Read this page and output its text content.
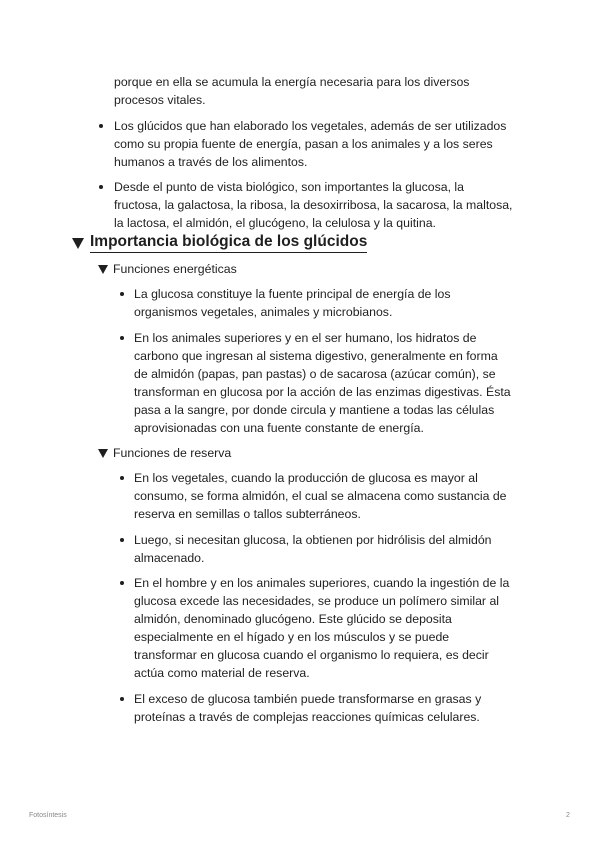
porque en ella se acumula la energía necesaria para los diversos
procesos vitales.
Los glúcidos que han elaborado los vegetales, además de ser utilizados
como su propia fuente de energía, pasan a los animales y a los seres
humanos a través de los alimentos.
Desde el punto de vista biológico, son importantes la glucosa, la
fructosa, la galactosa, la ribosa, la desoxirribosa, la sacarosa, la maltosa,
la lactosa, el almidón, el glucógeno, la celulosa y la quitina.
Importancia biológica de los glúcidos
Funciones energéticas
La glucosa constituye la fuente principal de energía de los
organismos vegetales, animales y microbianos.
En los animales superiores y en el ser humano, los hidratos de
carbono que ingresan al sistema digestivo, generalmente en forma
de almidón (papas, pan pastas) o de sacarosa (azúcar común), se
transforman en glucosa por la acción de las enzimas digestivas. Ésta
pasa a la sangre, por donde circula y mantiene a todas las células
aprovisionadas con una fuente constante de energía.
Funciones de reserva
En los vegetales, cuando la producción de glucosa es mayor al
consumo, se forma almidón, el cual se almacena como sustancia de
reserva en semillas o tallos subterráneos.
Luego, si necesitan glucosa, la obtienen por hidrólisis del almidón
almacenado.
En el hombre y en los animales superiores, cuando la ingestión de la
glucosa excede las necesidades, se produce un polímero similar al
almidón, denominado glucógeno. Este glúcido se deposita
especialmente en el hígado y en los músculos y se puede
transformar en glucosa cuando el organismo lo requiera, es decir
actúa como material de reserva.
El exceso de glucosa también puede transformarse en grasas y
proteínas a través de complejas reacciones químicas celulares.
Fotosíntesis	2
